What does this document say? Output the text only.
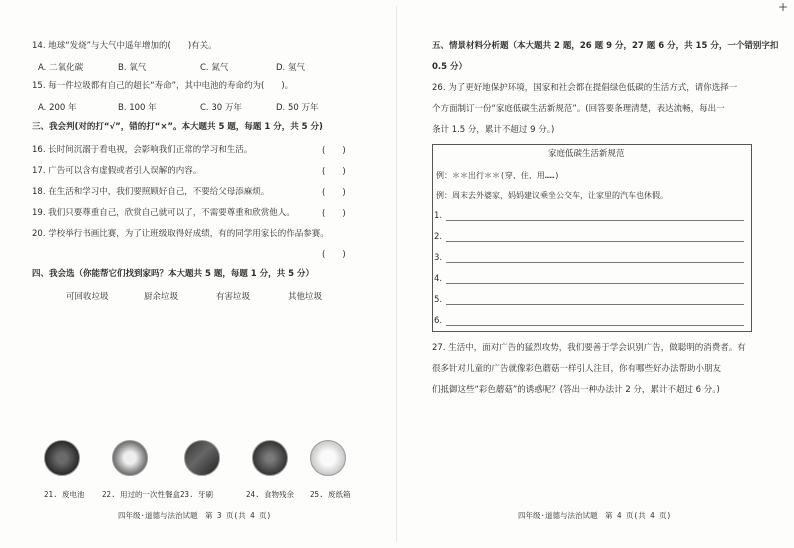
+
14. 地球“发烧”与大气中遥年增加的(　　)有关。
A. 二氧化碳	B. 氧气	C. 氮气	D. 氢气
15. 每一件垃圾都有自己的超长“寿命”，其中电池的寿命约为(　　)。
A. 200 年	B. 100 年	C. 30 万年	D. 50 万年
三、我会判(对的打“√”，错的打“×”。本大题共 5 题，每题 1 分，共 5 分)
16. 长时间沉溺于看电视，会影响我们正常的学习和生活。	(　　)
17. 广告可以含有虚假或者引人误解的内容。	(　　)
18. 在生活和学习中，我们要照顾好自己，不要给父母添麻烦。	(　　)
19. 我们只要尊重自己，欣赏自己就可以了，不需要尊重和欣赏他人。	(　　)
20. 学校举行书画比赛，为了让班级取得好成绩，有的同学用家长的作品参赛。
(　　)
四、我会选（你能帮它们找到家吗？本大题共 5 题，每题 1 分，共 5 分）
可回收垃圾	厨余垃圾	有害垃圾	其他垃圾
21. 废电池 22. 用过的一次性餐盒 23. 牙刷	24. 食物残余 25. 废纸箱
四年级·道德与法治试题　第 3 页(共 4 页)
五、情景材料分析题（本大题共 2 题，26 题 9 分，27 题 6 分，共 15 分，一个错别字扣
0.5 分）
26. 为了更好地保护环境，国家和社会都在提倡绿色低碳的生活方式，请你选择一
个方面制订一份“家庭低碳生活新规范”。(回答要条理清楚，表达流畅，每出一
条计 1.5 分，累计不超过 9 分。)
家庭低碳生活新规范
例：＊＊出行＊＊(穿、住、用……)
例：周末去外婆家，妈妈建议乘坐公交车，让家里的汽车也休假。
1.
2.
3.
4.
5.
6.
27. 生活中，面对广告的猛烈攻势，我们要善于学会识别广告，做聪明的消费者。有
很多针对儿童的广告就像彩色蘑菇一样引人注目，你有哪些好办法帮助小朋友
们抵御这些“彩色蘑菇”的诱惑呢？(答出一种办法计 2 分，累计不超过 6 分。)
四年级·道德与法治试题　第 4 页(共 4 页)
